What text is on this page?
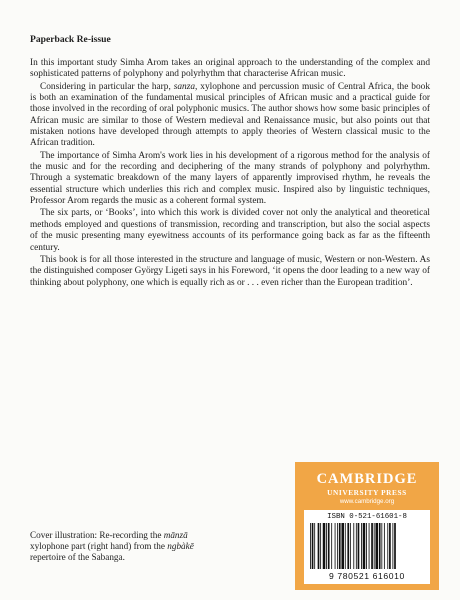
Paperback Re-issue

In this important study Simha Arom takes an original approach to the understanding of the complex and sophisticated patterns of polyphony and polyrhythm that characterise African music.

Considering in particular the harp, sanza, xylophone and percussion music of Central Africa, the book is both an examination of the fundamental musical principles of African music and a practical guide for those involved in the recording of oral polyphonic musics. The author shows how some basic principles of African music are similar to those of Western medieval and Renaissance music, but also points out that mistaken notions have developed through attempts to apply theories of Western classical music to the African tradition.

The importance of Simha Arom's work lies in his development of a rigorous method for the analysis of the music and for the recording and deciphering of the many strands of polyphony and polyrhythm. Through a systematic breakdown of the many layers of apparently improvised rhythm, he reveals the essential structure which underlies this rich and complex music. Inspired also by linguistic techniques, Professor Arom regards the music as a coherent formal system.

The six parts, or ‘Books’, into which this work is divided cover not only the analytical and theoretical methods employed and questions of transmission, recording and transcription, but also the social aspects of the music presenting many eyewitness accounts of its performance going back as far as the fifteenth century.

This book is for all those interested in the structure and language of music, Western or non-Western. As the distinguished composer György Ligeti says in his Foreword, ‘it opens the door leading to a new way of thinking about polyphony, one which is equally rich as or . . . even richer than the European tradition’.

Cover illustration: Re-recording the mānzā xylophone part (right hand) from the ngbàkē repertoire of the Sabanga.
CAMBRIDGE
UNIVERSITY PRESS
www.cambridge.org
ISBN 0-521-61601-8
9 780521 616010
